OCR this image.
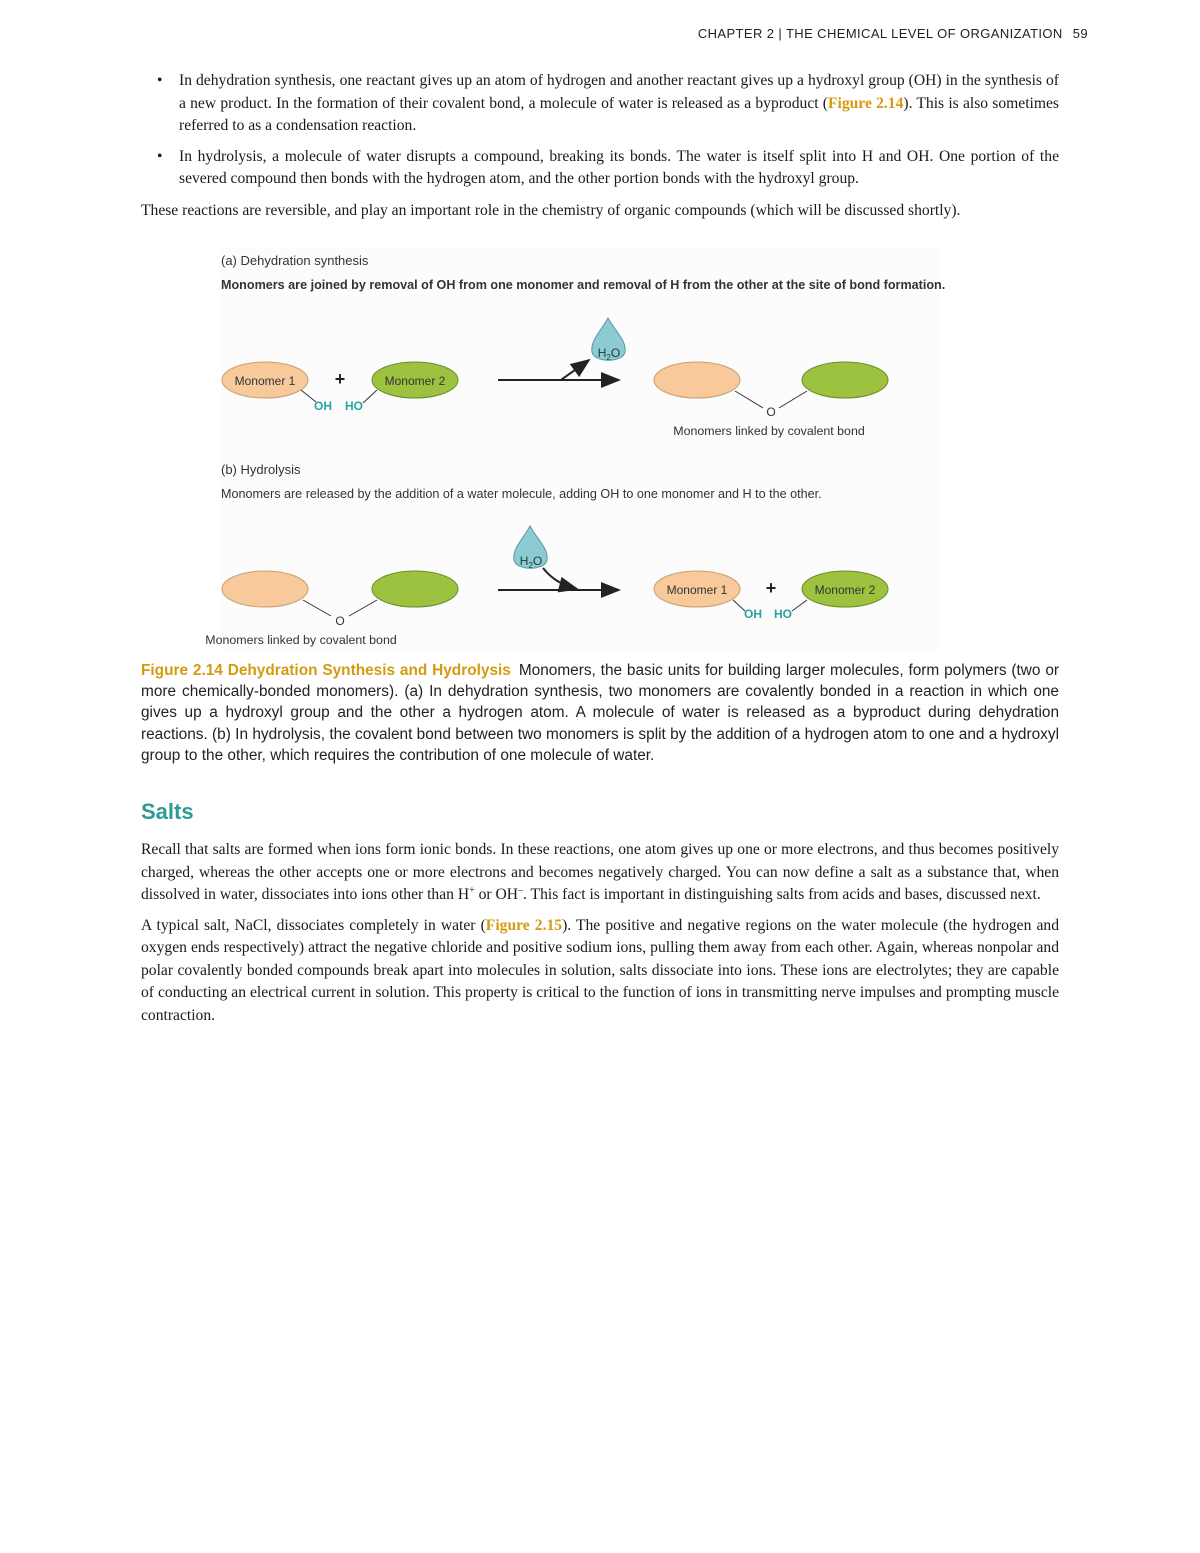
CHAPTER 2 | THE CHEMICAL LEVEL OF ORGANIZATION 59
• In dehydration synthesis, one reactant gives up an atom of hydrogen and another reactant gives up a hydroxyl group (OH) in the synthesis of a new product. In the formation of their covalent bond, a molecule of water is released as a byproduct (Figure 2.14). This is also sometimes referred to as a condensation reaction.
• In hydrolysis, a molecule of water disrupts a compound, breaking its bonds. The water is itself split into H and OH. One portion of the severed compound then bonds with the hydrogen atom, and the other portion bonds with the hydroxyl group.

These reactions are reversible, and play an important role in the chemistry of organic compounds (which will be discussed shortly).

(a) Dehydration synthesis
Monomers are joined by removal of OH from one monomer and removal of H from the other at the site of bond formation.
Monomer 1 +	Monomer 2
OH HO
$H_2O$
O
Monomers linked by covalent bond
(b) Hydrolysis
Monomers are released by the addition of a water molecule, adding OH to one monomer and H to the other.
O
Monomers linked by covalent bond
$H_2O$
Monomer 1 +	Monomer 2
OH HO

Figure 2.14 Dehydration Synthesis and Hydrolysis Monomers, the basic units for building larger molecules, form polymers (two or more chemically-bonded monomers). (a) In dehydration synthesis, two monomers are covalently bonded in a reaction in which one gives up a hydroxyl group and the other a hydrogen atom. A molecule of water is released as a byproduct during dehydration reactions. (b) In hydrolysis, the covalent bond between two monomers is split by the addition of a hydrogen atom to one and a hydroxyl group to the other, which requires the contribution of one molecule of water.

Salts

Recall that salts are formed when ions form ionic bonds. In these reactions, one atom gives up one or more electrons, and thus becomes positively charged, whereas the other accepts one or more electrons and becomes negatively charged. You can now define a salt as a substance that, when dissolved in water, dissociates into ions other than H+ or OH–. This fact is important in distinguishing salts from acids and bases, discussed next.

A typical salt, NaCl, dissociates completely in water (Figure 2.15). The positive and negative regions on the water molecule (the hydrogen and oxygen ends respectively) attract the negative chloride and positive sodium ions, pulling them away from each other. Again, whereas nonpolar and polar covalently bonded compounds break apart into molecules in solution, salts dissociate into ions. These ions are electrolytes; they are capable of conducting an electrical current in solution. This property is critical to the function of ions in transmitting nerve impulses and prompting muscle contraction.
